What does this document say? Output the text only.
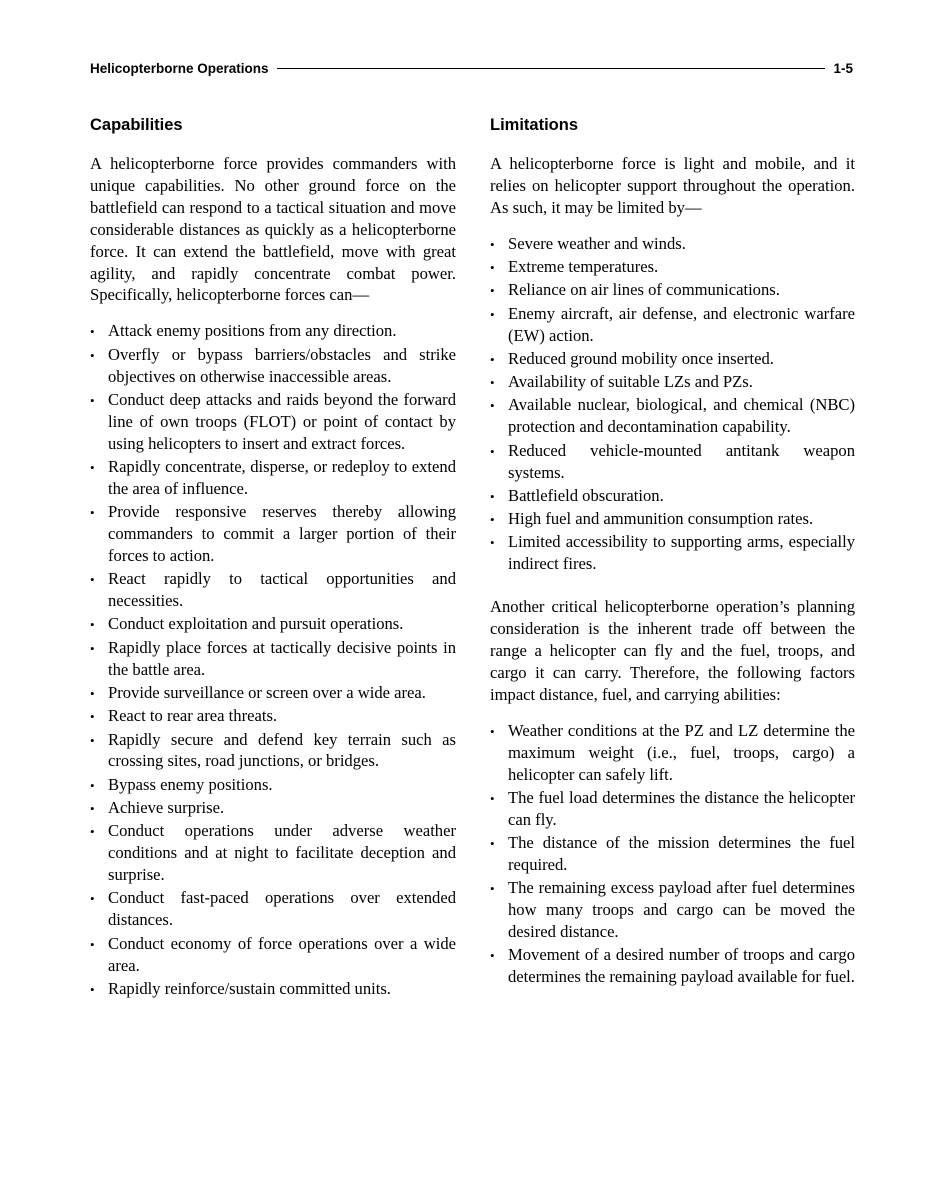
Helicopterborne Operations	1-5
Capabilities

A helicopterborne force provides commanders with unique capabilities. No other ground force on the battlefield can respond to a tactical situation and move considerable distances as quickly as a helicopterborne force. It can extend the battlefield, move with great agility, and rapidly concentrate combat power. Specifically, helicopterborne forces can—

• Attack enemy positions from any direction.
• Overfly or bypass barriers/obstacles and strike objectives on otherwise inaccessible areas.
• Conduct deep attacks and raids beyond the forward line of own troops (FLOT) or point of contact by using helicopters to insert and extract forces.
• Rapidly concentrate, disperse, or redeploy to extend the area of influence.
• Provide responsive reserves thereby allowing commanders to commit a larger portion of their forces to action.
• React rapidly to tactical opportunities and necessities.
• Conduct exploitation and pursuit operations.
• Rapidly place forces at tactically decisive points in the battle area.
• Provide surveillance or screen over a wide area.
• React to rear area threats.
• Rapidly secure and defend key terrain such as crossing sites, road junctions, or bridges.
• Bypass enemy positions.
• Achieve surprise.
• Conduct operations under adverse weather conditions and at night to facilitate deception and surprise.
• Conduct fast-paced operations over extended distances.
• Conduct economy of force operations over a wide area.
• Rapidly reinforce/sustain committed units.
Limitations

A helicopterborne force is light and mobile, and it relies on helicopter support throughout the operation. As such, it may be limited by—

• Severe weather and winds.
• Extreme temperatures.
• Reliance on air lines of communications.
• Enemy aircraft, air defense, and electronic warfare (EW) action.
• Reduced ground mobility once inserted.
• Availability of suitable LZs and PZs.
• Available nuclear, biological, and chemical (NBC) protection and decontamination capability.
• Reduced vehicle-mounted antitank weapon systems.
• Battlefield obscuration.
• High fuel and ammunition consumption rates.
• Limited accessibility to supporting arms, especially indirect fires.

Another critical helicopterborne operation’s planning consideration is the inherent trade off between the range a helicopter can fly and the fuel, troops, and cargo it can carry. Therefore, the following factors impact distance, fuel, and carrying abilities:

• Weather conditions at the PZ and LZ determine the maximum weight (i.e., fuel, troops, cargo) a helicopter can safely lift.
• The fuel load determines the distance the helicopter can fly.
• The distance of the mission determines the fuel required.
• The remaining excess payload after fuel determines how many troops and cargo can be moved the desired distance.
• Movement of a desired number of troops and cargo determines the remaining payload available for fuel.
